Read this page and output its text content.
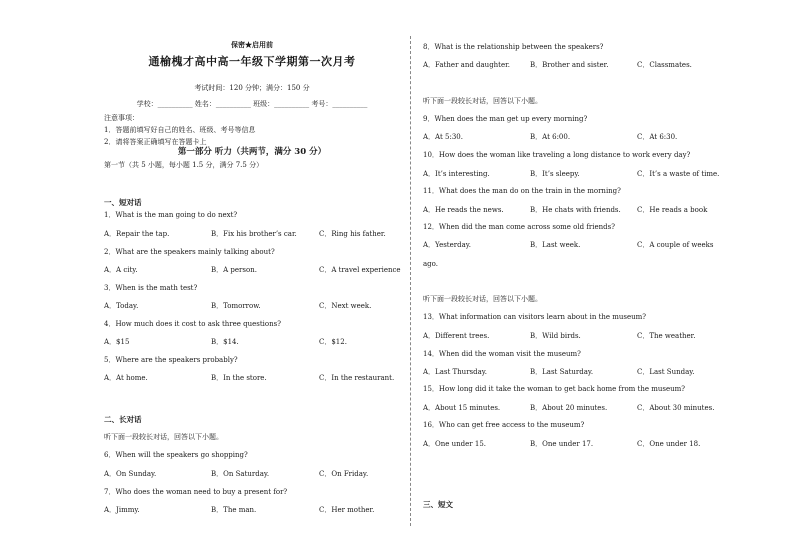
保密★启用前
通榆槐才高中高一年级下学期第一次月考
考试时间：120 分钟；满分：150 分
学校：__________ 姓名：__________ 班级：__________ 考号：__________
注意事项：
1．答题前填写好自己的姓名、班级、考号等信息
2．请将答案正确填写在答题卡上
第一部分 听力（共两节，满分 30 分）
第一节（共 5 小题，每小题 1.5 分，满分 7.5 分）
一、短对话
1．What is the man going to do next?
A．Repair the tap.	B．Fix his brother’s car.	C．Ring his father.
2．What are the speakers mainly talking about?
A．A city.	B．A person.	C．A travel experience
3．When is the math test?
A．Today.	B．Tomorrow.	C．Next week.
4．How much does it cost to ask three questions?
A．$15	B．$14.	C．$12.
5．Where are the speakers probably?
A．At home.	B．In the store.	C．In the restaurant.
二、长对话
听下面一段较长对话，回答以下小题。
6．When will the speakers go shopping?
A．On Sunday.	B．On Saturday.	C．On Friday.
7．Who does the woman need to buy a present for?
A．Jimmy.	B．The man.	C．Her mother.
8．What is the relationship between the speakers?
A．Father and daughter.	B．Brother and sister.	C．Classmates.
听下面一段较长对话，回答以下小题。
9．When does the man get up every morning?
A．At 5:30.	B．At 6:00.	C．At 6:30.
10．How does the woman like traveling a long distance to work every day?
A．It’s interesting.	B．It’s sleepy.	C．It’s a waste of time.
11．What does the man do on the train in the morning?
A．He reads the news.	B．He chats with friends. C．He reads a book
12．When did the man come across some old friends?
A．Yesterday.	B．Last week.	C．A couple of weeks
ago.
听下面一段较长对话，回答以下小题。
13．What information can visitors learn about in the museum?
A．Different trees.	B．Wild birds.	C．The weather.
14．When did the woman visit the museum?
A．Last Thursday.	B．Last Saturday.	C．Last Sunday.
15．How long did it take the woman to get back home from the museum?
A．About 15 minutes.	B．About 20 minutes.	C．About 30 minutes.
16．Who can get free access to the museum?
A．One under 15.	B．One under 17.	C．One under 18.
三、短文
